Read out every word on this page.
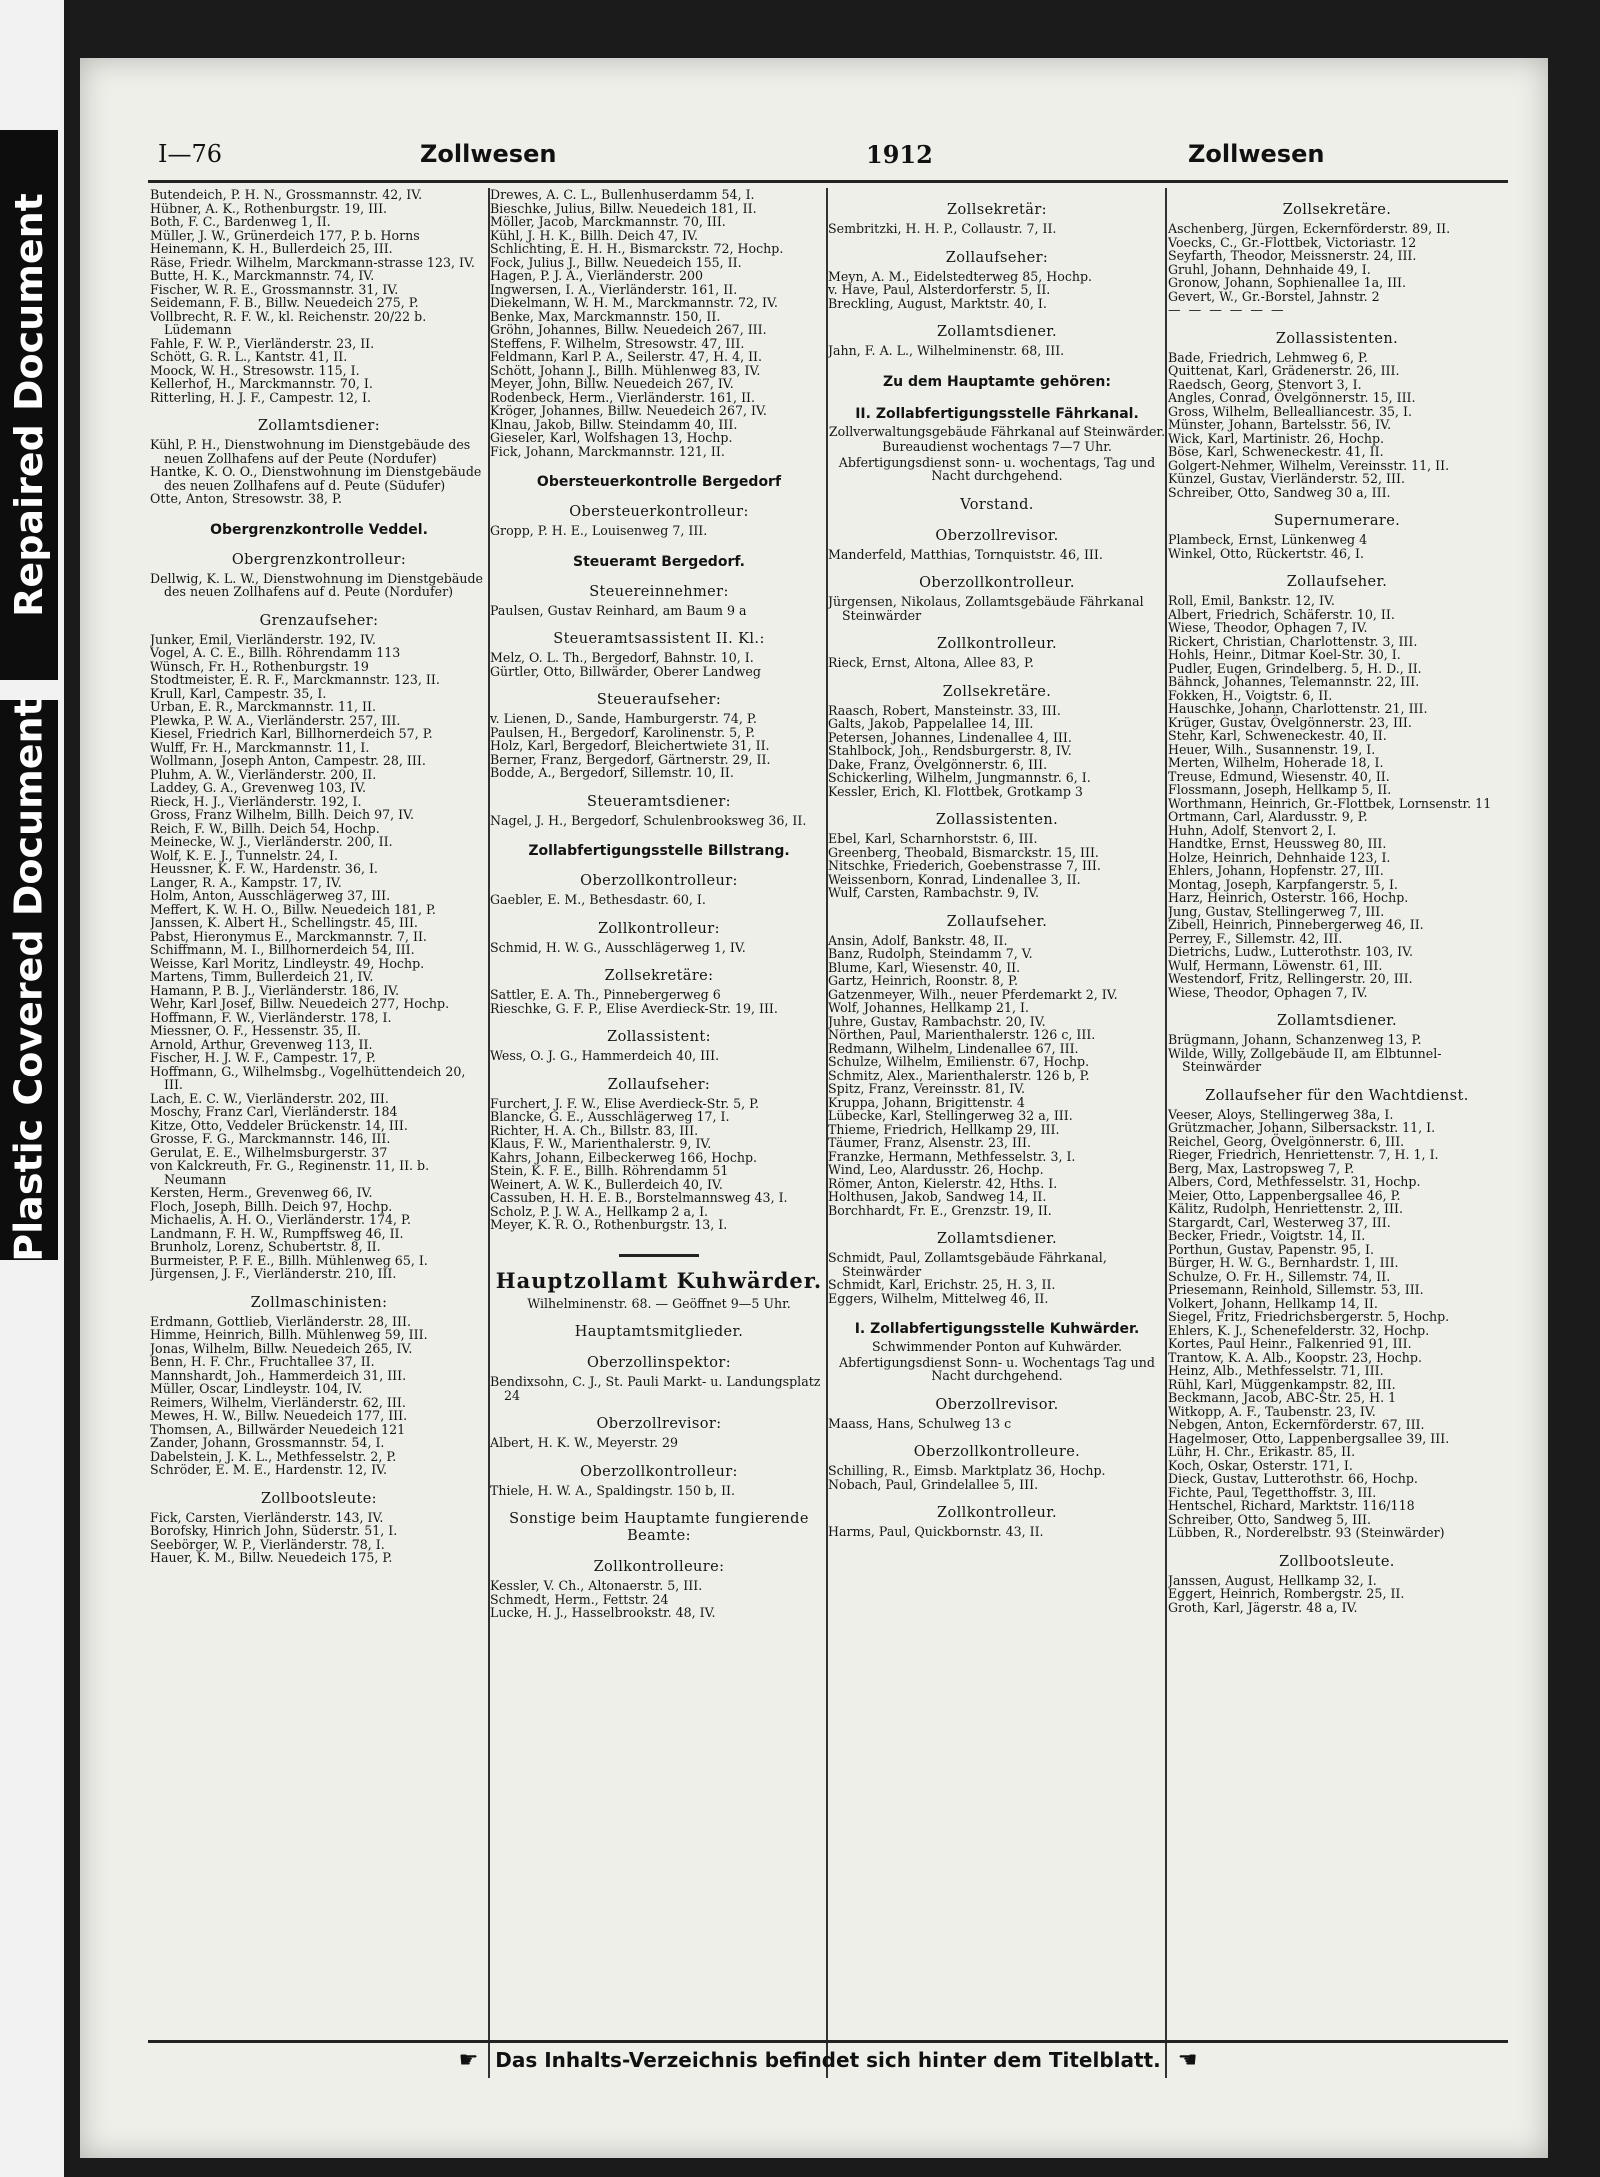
Repaired Document
Plastic Covered Document
I—76	Zollwesen	1912	Zollwesen
Butendeich, P. H. N., Grossmannstr. 42, IV.
Hübner, A. K., Rothenburgstr. 19, III.
Both, F. C., Bardenweg 1, II.
Müller, J. W., Grünerdeich 177, P. b. Horns
Heinemann, K. H., Bullerdeich 25, III.
Räse, Friedr. Wilhelm, Marckmann-strasse 123, IV.
Butte, H. K., Marckmannstr. 74, IV.
Fischer, W. R. E., Grossmannstr. 31, IV.
Seidemann, F. B., Billw. Neuedeich 275, P.
Vollbrecht, R. F. W., kl. Reichenstr. 20/22 b. Lüdemann
Fahle, F. W. P., Vierländerstr. 23, II.
Schött, G. R. L., Kantstr. 41, II.
Moock, W. H., Stresowstr. 115, I.
Kellerhof, H., Marckmannstr. 70, I.
Ritterling, H. J. F., Campestr. 12, I.
Zollamtsdiener:
Kühl, P. H., Dienstwohnung im Dienstgebäude des neuen Zollhafens auf der Peute (Nordufer)
Hantke, K. O. O., Dienstwohnung im Dienstgebäude des neuen Zollhafens auf d. Peute (Südufer)
Otte, Anton, Stresowstr. 38, P.
Obergrenzkontrolle Veddel.
Obergrenzkontrolleur:
Dellwig, K. L. W., Dienstwohnung im Dienstgebäude des neuen Zollhafens auf d. Peute (Nordufer)
Grenzaufseher:
Junker, Emil, Vierländerstr. 192, IV.
Vogel, A. C. E., Billh. Röhrendamm 113
Wünsch, Fr. H., Rothenburgstr. 19
Stodtmeister, E. R. F., Marckmannstr. 123, II.
Krull, Karl, Campestr. 35, I.
Urban, E. R., Marckmannstr. 11, II.
Plewka, P. W. A., Vierländerstr. 257, III.
Kiesel, Friedrich Karl, Billhornerdeich 57, P.
Wulff, Fr. H., Marckmannstr. 11, I.
Wollmann, Joseph Anton, Campestr. 28, III.
Pluhm, A. W., Vierländerstr. 200, II.
Laddey, G. A., Grevenweg 103, IV.
Rieck, H. J., Vierländerstr. 192, I.
Gross, Franz Wilhelm, Billh. Deich 97, IV.
Reich, F. W., Billh. Deich 54, Hochp.
Meinecke, W. J., Vierländerstr. 200, II.
Wolf, K. E. J., Tunnelstr. 24, I.
Heussner, K. F. W., Hardenstr. 36, I.
Langer, R. A., Kampstr. 17, IV.
Holm, Anton, Ausschlägerweg 37, III.
Meffert, K. W. H. O., Billw. Neuedeich 181, P.
Janssen, K. Albert H., Schellingstr. 45, III.
Pabst, Hieronymus E., Marckmannstr. 7, II.
Schiffmann, M. I., Billhornerdeich 54, III.
Weisse, Karl Moritz, Lindleystr. 49, Hochp.
Martens, Timm, Bullerdeich 21, IV.
Hamann, P. B. J., Vierländerstr. 186, IV.
Wehr, Karl Josef, Billw. Neuedeich 277, Hochp.
Hoffmann, F. W., Vierländerstr. 178, I.
Miessner, O. F., Hessenstr. 35, II.
Arnold, Arthur, Grevenweg 113, II.
Fischer, H. J. W. F., Campestr. 17, P.
Hoffmann, G., Wilhelmsbg., Vogelhüttendeich 20, III.
Lach, E. C. W., Vierländerstr. 202, III.
Moschy, Franz Carl, Vierländerstr. 184
Kitze, Otto, Veddeler Brückenstr. 14, III.
Grosse, F. G., Marckmannstr. 146, III.
Gerulat, E. E., Wilhelmsburgerstr. 37
von Kalckreuth, Fr. G., Reginenstr. 11, II. b. Neumann
Kersten, Herm., Grevenweg 66, IV.
Floch, Joseph, Billh. Deich 97, Hochp.
Michaelis, A. H. O., Vierländerstr. 174, P.
Landmann, F. H. W., Rumpffsweg 46, II.
Brunholz, Lorenz, Schubertstr. 8, II.
Burmeister, P. F. E., Billh. Mühlenweg 65, I.
Jürgensen, J. F., Vierländerstr. 210, III.
Zollmaschinisten:
Erdmann, Gottlieb, Vierländerstr. 28, III.
Himme, Heinrich, Billh. Mühlenweg 59, III.
Jonas, Wilhelm, Billw. Neuedeich 265, IV.
Benn, H. F. Chr., Fruchtallee 37, II.
Mannshardt, Joh., Hammerdeich 31, III.
Müller, Oscar, Lindleystr. 104, IV.
Reimers, Wilhelm, Vierländerstr. 62, III.
Mewes, H. W., Billw. Neuedeich 177, III.
Thomsen, A., Billwärder Neuedeich 121
Zander, Johann, Grossmannstr. 54, I.
Dabelstein, J. K. L., Methfesselstr. 2, P.
Schröder, E. M. E., Hardenstr. 12, IV.
Zollbootsleute:
Fick, Carsten, Vierländerstr. 143, IV.
Borofsky, Hinrich John, Süderstr. 51, I.
Seebörger, W. P., Vierländerstr. 78, I.
Hauer, K. M., Billw. Neuedeich 175, P.
Drewes, A. C. L., Bullenhuserdamm 54, I.
Bieschke, Julius, Billw. Neuedeich 181, II.
Möller, Jacob, Marckmannstr. 70, III.
Kühl, J. H. K., Billh. Deich 47, IV.
Schlichting, E. H. H., Bismarckstr. 72, Hochp.
Fock, Julius J., Billw. Neuedeich 155, II.
Hagen, P. J. A., Vierländerstr. 200
Ingwersen, I. A., Vierländerstr. 161, II.
Diekelmann, W. H. M., Marckmannstr. 72, IV.
Benke, Max, Marckmannstr. 150, II.
Gröhn, Johannes, Billw. Neuedeich 267, III.
Steffens, F. Wilhelm, Stresowstr. 47, III.
Feldmann, Karl P. A., Seilerstr. 47, H. 4, II.
Schött, Johann J., Billh. Mühlenweg 83, IV.
Meyer, John, Billw. Neuedeich 267, IV.
Rodenbeck, Herm., Vierländerstr. 161, II.
Kröger, Johannes, Billw. Neuedeich 267, IV.
Klnau, Jakob, Billw. Steindamm 40, III.
Gieseler, Karl, Wolfshagen 13, Hochp.
Fick, Johann, Marckmannstr. 121, II.
Obersteuerkontrolle Bergedorf
Obersteuerkontrolleur:
Gropp, P. H. E., Louisenweg 7, III.
Steueramt Bergedorf.
Steuereinnehmer:
Paulsen, Gustav Reinhard, am Baum 9 a
Steueramtsassistent II. Kl.:
Melz, O. L. Th., Bergedorf, Bahnstr. 10, I.
Gürtler, Otto, Billwärder, Oberer Landweg
Steueraufseher:
v. Lienen, D., Sande, Hamburgerstr. 74, P.
Paulsen, H., Bergedorf, Karolinenstr. 5, P.
Holz, Karl, Bergedorf, Bleichertwiete 31, II.
Berner, Franz, Bergedorf, Gärtnerstr. 29, II.
Bodde, A., Bergedorf, Sillemstr. 10, II.
Steueramtsdiener:
Nagel, J. H., Bergedorf, Schulenbrooksweg 36, II.
Zollabfertigungsstelle Billstrang.
Oberzollkontrolleur:
Gaebler, E. M., Bethesdastr. 60, I.
Zollkontrolleur:
Schmid, H. W. G., Ausschlägerweg 1, IV.
Zollsekretäre:
Sattler, E. A. Th., Pinnebergerweg 6
Rieschke, G. F. P., Elise Averdieck-Str. 19, III.
Zollassistent:
Wess, O. J. G., Hammerdeich 40, III.
Zollaufseher:
Furchert, J. F. W., Elise Averdieck-Str. 5, P.
Blancke, G. E., Ausschlägerweg 17, I.
Richter, H. A. Ch., Billstr. 83, III.
Klaus, F. W., Marienthalerstr. 9, IV.
Kahrs, Johann, Eilbeckerweg 166, Hochp.
Stein, K. F. E., Billh. Röhrendamm 51
Weinert, A. W. K., Bullerdeich 40, IV.
Cassuben, H. H. E. B., Borstelmannsweg 43, I.
Scholz, P. J. W. A., Hellkamp 2 a, I.
Meyer, K. R. O., Rothenburgstr. 13, I.
Hauptzollamt Kuhwärder.
Wilhelminenstr. 68. — Geöffnet 9—5 Uhr.
Hauptamtsmitglieder.
Oberzollinspektor:
Bendixsohn, C. J., St. Pauli Markt- u. Landungsplatz 24
Oberzollrevisor:
Albert, H. K. W., Meyerstr. 29
Oberzollkontrolleur:
Thiele, H. W. A., Spaldingstr. 150 b, II.
Sonstige beim Hauptamte fungierende Beamte:
Zollkontrolleure:
Kessler, V. Ch., Altonaerstr. 5, III.
Schmedt, Herm., Fettstr. 24
Lucke, H. J., Hasselbrookstr. 48, IV.
Zollsekretär:
Sembritzki, H. H. P., Collaustr. 7, II.
Zollaufseher:
Meyn, A. M., Eidelstedterweg 85, Hochp.
v. Have, Paul, Alsterdorferstr. 5, II.
Breckling, August, Marktstr. 40, I.
Zollamtsdiener.
Jahn, F. A. L., Wilhelminenstr. 68, III.
Zu dem Hauptamte gehören:
II. Zollabfertigungsstelle Fährkanal.
Zollverwaltungsgebäude Fährkanal auf Steinwärder.
Bureaudienst wochentags 7—7 Uhr.
Abfertigungsdienst sonn- u. wochentags, Tag und Nacht durchgehend.
Vorstand.
Oberzollrevisor.
Manderfeld, Matthias, Tornquiststr. 46, III.
Oberzollkontrolleur.
Jürgensen, Nikolaus, Zollamtsgebäude Fährkanal Steinwärder
Zollkontrolleur.
Rieck, Ernst, Altona, Allee 83, P.
Zollsekretäre.
Raasch, Robert, Mansteinstr. 33, III.
Galts, Jakob, Pappelallee 14, III.
Petersen, Johannes, Lindenallee 4, III.
Stahlbock, Joh., Rendsburgerstr. 8, IV.
Dake, Franz, Övelgönnerstr. 6, III.
Schickerling, Wilhelm, Jungmannstr. 6, I.
Kessler, Erich, Kl. Flottbek, Grotkamp 3
Zollassistenten.
Ebel, Karl, Scharnhorststr. 6, III.
Greenberg, Theobald, Bismarckstr. 15, III.
Nitschke, Friederich, Goebenstrasse 7, III.
Weissenborn, Konrad, Lindenallee 3, II.
Wulf, Carsten, Rambachstr. 9, IV.
Zollaufseher.
Ansin, Adolf, Bankstr. 48, II.
Banz, Rudolph, Steindamm 7, V.
Blume, Karl, Wiesenstr. 40, II.
Gartz, Heinrich, Roonstr. 8, P.
Gatzenmeyer, Wilh., neuer Pferdemarkt 2, IV.
Wolf, Johannes, Hellkamp 21, I.
Juhre, Gustav, Rambachstr. 20, IV.
Nörthen, Paul, Marienthalerstr. 126 c, III.
Redmann, Wilhelm, Lindenallee 67, III.
Schulze, Wilhelm, Emilienstr. 67, Hochp.
Schmitz, Alex., Marienthalerstr. 126 b, P.
Spitz, Franz, Vereinsstr. 81, IV.
Kruppa, Johann, Brigittenstr. 4
Lübecke, Karl, Stellingerweg 32 a, III.
Thieme, Friedrich, Hellkamp 29, III.
Täumer, Franz, Alsenstr. 23, III.
Franzke, Hermann, Methfesselstr. 3, I.
Wind, Leo, Alardusstr. 26, Hochp.
Römer, Anton, Kielerstr. 42, Hths. I.
Holthusen, Jakob, Sandweg 14, II.
Borchhardt, Fr. E., Grenzstr. 19, II.
Zollamtsdiener.
Schmidt, Paul, Zollamtsgebäude Fährkanal, Steinwärder
Schmidt, Karl, Erichstr. 25, H. 3, II.
Eggers, Wilhelm, Mittelweg 46, II.
I. Zollabfertigungsstelle Kuhwärder.
Schwimmender Ponton auf Kuhwärder.
Abfertigungsdienst Sonn- u. Wochentags Tag und Nacht durchgehend.
Oberzollrevisor.
Maass, Hans, Schulweg 13 c
Oberzollkontrolleure.
Schilling, R., Eimsb. Marktplatz 36, Hochp.
Nobach, Paul, Grindelallee 5, III.
Zollkontrolleur.
Harms, Paul, Quickbornstr. 43, II.
Zollsekretäre.
Aschenberg, Jürgen, Eckernförderstr. 89, II.
Voecks, C., Gr.-Flottbek, Victoriastr. 12
Seyfarth, Theodor, Meissnerstr. 24, III.
Gruhl, Johann, Dehnhaide 49, I.
Gronow, Johann, Sophienallee 1a, III.
Gevert, W., Gr.-Borstel, Jahnstr. 2
— — — — — —
Zollassistenten.
Bade, Friedrich, Lehmweg 6, P.
Quittenat, Karl, Grädenerstr. 26, III.
Raedsch, Georg, Stenvort 3, I.
Angles, Conrad, Övelgönnerstr. 15, III.
Gross, Wilhelm, Bellealliancestr. 35, I.
Münster, Johann, Bartelsstr. 56, IV.
Wick, Karl, Martinistr. 26, Hochp.
Böse, Karl, Schweneckestr. 41, II.
Golgert-Nehmer, Wilhelm, Vereinsstr. 11, II.
Künzel, Gustav, Vierländerstr. 52, III.
Schreiber, Otto, Sandweg 30 a, III.
Supernumerare.
Plambeck, Ernst, Lünkenweg 4
Winkel, Otto, Rückertstr. 46, I.
Zollaufseher.
Roll, Emil, Bankstr. 12, IV.
Albert, Friedrich, Schäferstr. 10, II.
Wiese, Theodor, Ophagen 7, IV.
Rickert, Christian, Charlottenstr. 3, III.
Hohls, Heinr., Ditmar Koel-Str. 30, I.
Pudler, Eugen, Grindelberg. 5, H. D., II.
Bähnck, Johannes, Telemannstr. 22, III.
Fokken, H., Voigtstr. 6, II.
Hauschke, Johann, Charlottenstr. 21, III.
Krüger, Gustav, Övelgönnerstr. 23, III.
Stehr, Karl, Schweneckestr. 40, II.
Heuer, Wilh., Susannenstr. 19, I.
Merten, Wilhelm, Hoherade 18, I.
Treuse, Edmund, Wiesenstr. 40, II.
Flossmann, Joseph, Hellkamp 5, II.
Worthmann, Heinrich, Gr.-Flottbek, Lornsenstr. 11
Ortmann, Carl, Alardusstr. 9, P.
Huhn, Adolf, Stenvort 2, I.
Handtke, Ernst, Heussweg 80, III.
Holze, Heinrich, Dehnhaide 123, I.
Ehlers, Johann, Hopfenstr. 27, III.
Montag, Joseph, Karpfangerstr. 5, I.
Harz, Heinrich, Osterstr. 166, Hochp.
Jung, Gustav, Stellingerweg 7, III.
Zibell, Heinrich, Pinnebergerweg 46, II.
Perrey, F., Sillemstr. 42, III.
Dietrichs, Ludw., Lutterothstr. 103, IV.
Wulf, Hermann, Löwenstr. 61, III.
Westendorf, Fritz, Rellingerstr. 20, III.
Wiese, Theodor, Ophagen 7, IV.
Zollamtsdiener.
Brügmann, Johann, Schanzenweg 13, P.
Wilde, Willy, Zollgebäude II, am Elbtunnel-Steinwärder
Zollaufseher für den Wachtdienst.
Veeser, Aloys, Stellingerweg 38a, I.
Grützmacher, Johann, Silbersackstr. 11, I.
Reichel, Georg, Övelgönnerstr. 6, III.
Rieger, Friedrich, Henriettenstr. 7, H. 1, I.
Berg, Max, Lastropsweg 7, P.
Albers, Cord, Methfesselstr. 31, Hochp.
Meier, Otto, Lappenbergsallee 46, P.
Kälitz, Rudolph, Henriettenstr. 2, III.
Stargardt, Carl, Westerweg 37, III.
Becker, Friedr., Voigtstr. 14, II.
Porthun, Gustav, Papenstr. 95, I.
Bürger, H. W. G., Bernhardstr. 1, III.
Schulze, O. Fr. H., Sillemstr. 74, II.
Priesemann, Reinhold, Sillemstr. 53, III.
Volkert, Johann, Hellkamp 14, II.
Siegel, Fritz, Friedrichsbergerstr. 5, Hochp.
Ehlers, K. J., Schenefelderstr. 32, Hochp.
Kortes, Paul Heinr., Falkenried 91, III.
Trantow, K. A. Alb., Koopstr. 23, Hochp.
Heinz, Alb., Methfesselstr. 71, III.
Rühl, Karl, Müggenkampstr. 82, III.
Beckmann, Jacob, ABC-Str. 25, H. 1
Witkopp, A. F., Taubenstr. 23, IV.
Nebgen, Anton, Eckernförderstr. 67, III.
Hagelmoser, Otto, Lappenbergsallee 39, III.
Lühr, H. Chr., Erikastr. 85, II.
Koch, Oskar, Osterstr. 171, I.
Dieck, Gustav, Lutterothstr. 66, Hochp.
Fichte, Paul, Tegetthoffstr. 3, III.
Hentschel, Richard, Marktstr. 116/118
Schreiber, Otto, Sandweg 5, III.
Lübben, R., Norderelbstr. 93 (Steinwärder)
Zollbootsleute.
Janssen, August, Hellkamp 32, I.
Eggert, Heinrich, Rombergstr. 25, II.
Groth, Karl, Jägerstr. 48 a, IV.
☛ Das Inhalts-Verzeichnis befindet sich hinter dem Titelblatt. ☚
